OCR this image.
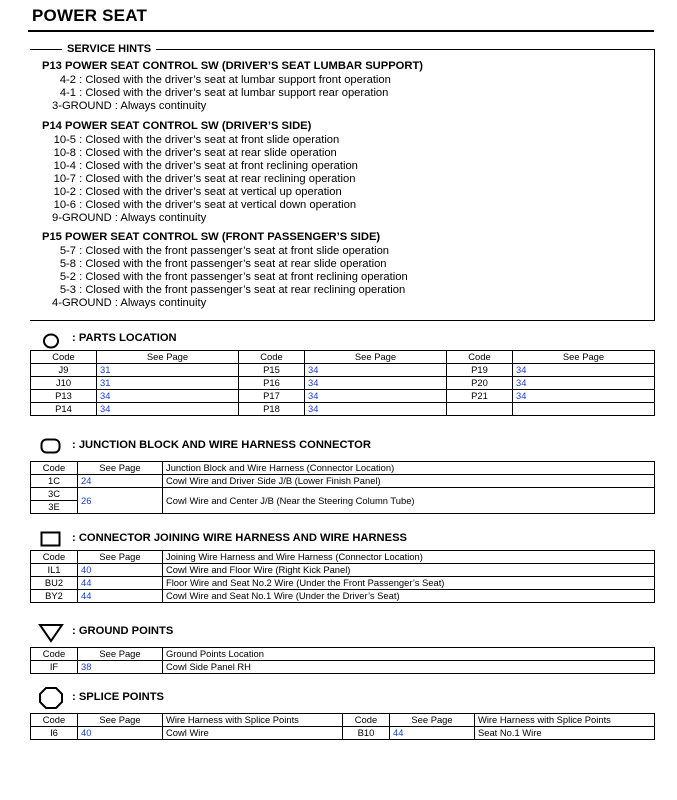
POWER SEAT
SERVICE HINTS
P13 POWER SEAT CONTROL SW (DRIVER’S SEAT LUMBAR SUPPORT)
4-2 : Closed with the driver’s seat at lumbar support front operation
4-1 : Closed with the driver’s seat at lumbar support rear operation
3-GROUND : Always continuity
P14 POWER SEAT CONTROL SW (DRIVER’S SIDE)
10-5 : Closed with the driver’s seat at front slide operation
10-8 : Closed with the driver’s seat at rear slide operation
10-4 : Closed with the driver’s seat at front reclining operation
10-7 : Closed with the driver’s seat at rear reclining operation
10-2 : Closed with the driver’s seat at vertical up operation
10-6 : Closed with the driver’s seat at vertical down operation
9-GROUND : Always continuity
P15 POWER SEAT CONTROL SW (FRONT PASSENGER’S SIDE)
5-7 : Closed with the front passenger’s seat at front slide operation
5-8 : Closed with the front passenger’s seat at rear slide operation
5-2 : Closed with the front passenger’s seat at front reclining operation
5-3 : Closed with the front passenger’s seat at rear reclining operation
4-GROUND : Always continuity
: PARTS LOCATION
Code	See Page	Code	See Page	Code	See Page
J9	31	P15	34	P19	34
J10	31	P16	34	P20	34
P13	34	P17	34	P21	34
P14	34	P18	34		
: JUNCTION BLOCK AND WIRE HARNESS CONNECTOR
Code	See Page	Junction Block and Wire Harness (Connector Location)
1C	24	Cowl Wire and Driver Side J/B (Lower Finish Panel)
3C	26	Cowl Wire and Center J/B (Near the Steering Column Tube)
3E		
: CONNECTOR JOINING WIRE HARNESS AND WIRE HARNESS
Code	See Page	Joining Wire Harness and Wire Harness (Connector Location)
IL1	40	Cowl Wire and Floor Wire (Right Kick Panel)
BU2	44	Floor Wire and Seat No.2 Wire (Under the Front Passenger’s Seat)
BY2	44	Cowl Wire and Seat No.1 Wire (Under the Driver’s Seat)
: GROUND POINTS
Code	See Page	Ground Points Location
IF	38	Cowl Side Panel RH
: SPLICE POINTS
Code	See Page	Wire Harness with Splice Points	Code	See Page	Wire Harness with Splice Points
I6	40	Cowl Wire	B10	44	Seat No.1 Wire
